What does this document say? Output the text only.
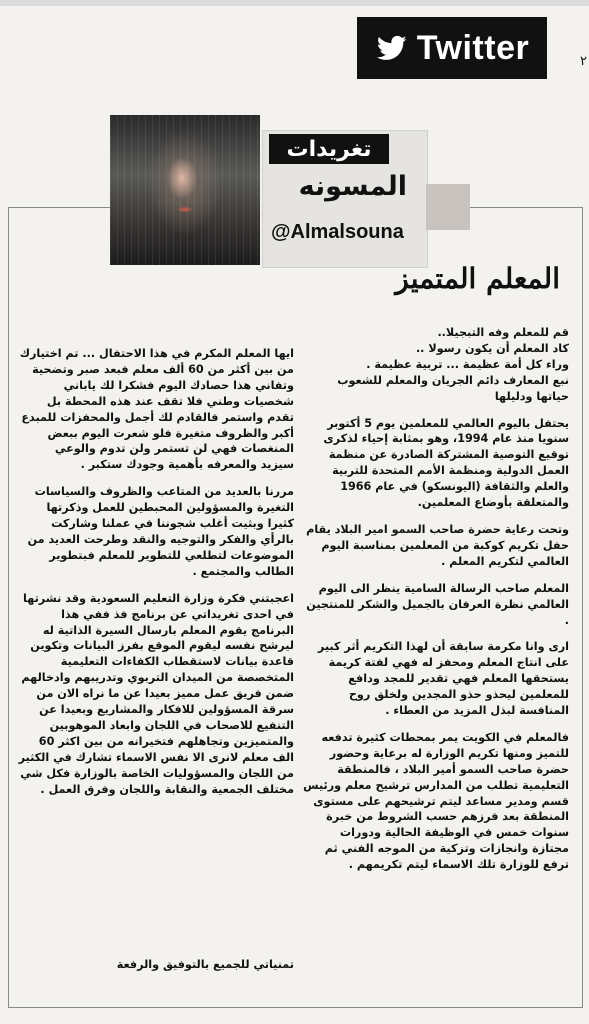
٢
Twitter
تغريدات
المسونه
@Almalsouna
المعلم المتميز

قم للمعلم وفه التبجيلا..
كاد المعلم أن يكون رسولا ..
وراء كل أمة عظيمة ... تربية عظيمة .
نبع المعارف دائم الجريان والمعلم للشعوب حياتها ودليلها

يحتفل باليوم العالمي للمعلمين يوم 5 أكتوبر سنويا منذ عام 1994، وهو بمثابة إحياء لذكرى توقيع التوصية المشتركة الصادرة عن منظمة العمل الدولية ومنظمة الأمم المتحدة للتربية والعلم والثقافة (اليونسكو) في عام 1966 والمتعلقة بأوضاع المعلمين.

وتحت رعاية حضرة صاحب السمو امير البلاد يقام حفل تكريم كوكبة من المعلمين بمناسبة اليوم العالمي لتكريم المعلم .

المعلم صاحب الرسالة السامية ينظر الى اليوم العالمي نظرة العرفان بالجميل والشكر للمنتجين .

ارى وانا مكرمة سابقة أن لهذا التكريم أثر كبير على انتاج المعلم ومحفز له فهي لفتة كريمة يستحقها المعلم فهي تقدير للمجد ودافع للمعلمين ليحذو حذو المجدين ولخلق روح المنافسة لبذل المزيد من العطاء .

فالمعلم في الكويت يمر بمحطات كثيرة تدفعه للتميز ومنها تكريم الوزارة له برعاية وحضور حضرة صاحب السمو أمير البلاد ، فالمنطقة التعليمية تطلب من المدارس ترشيح معلم ورئيس قسم ومدير مساعد ليتم ترشيحهم على مستوى المنطقة بعد فرزهم حسب الشروط من خبرة سنوات خمس في الوظيفة الحالية ودورات مجتازة وانجازات وتزكية من الموجه الفني ثم ترفع للوزارة تلك الاسماء ليتم تكريمهم .

ايها المعلم المكرم في هذا الاحتفال ... تم اختيارك من بين أكثر من 60 ألف معلم فبعد صبر وتضحية وتفاني هذا حصادك اليوم فشكرا لك ياباني شخصيات وطني فلا تقف عند هذه المحطة بل تقدم واستمر فالقادم لك أجمل والمحفزات للمبدع أكبر والظروف متغيرة فلو شعرت اليوم ببعض المنغصات فهي لن تستمر ولن تدوم والوعي سيزيد والمعرفه بأهمية وجودك ستكبر .

مررنا بالعديد من المتاعب والظروف والسياسات التغيرة والمسؤولين المحبطين للعمل وذكرتها كثيرا وبثيت أغلب شجوننا في عملنا وشاركت بالرأي والفكر والتوجيه والنقد وطرحت العديد من الموضوعات لتطلعي للتطوير للمعلم فبتطوير الطالب والمجتمع .

اعجبتني فكرة وزارة التعليم السعودية وقد نشرتها في احدى تغريداتي عن برنامج فذ ففي هذا البرنامج يقوم المعلم بارسال السيرة الذاتية له ليرشح نفسه ليقوم الموقع بفرز البيانات وتكوين قاعدة بيانات لاستقطاب الكفاءات التعليمية المتخصصة من الميدان التربوي وتدريبهم وادخالهم ضمن فريق عمل مميز بعيدا عن ما نراه الان من سرقة المسؤولين للافكار والمشاريع وبعيدا عن التنفيع للاصحاب في اللجان وابعاد الموهوبين والمتميزين وتجاهلهم فتخيرانه من بين اكثر 60 الف معلم لانرى الا نفس الاسماء تشارك في الكثير من اللجان والمسؤوليات الخاصة بالوزارة فكل شي مختلف الجمعية والنقابة واللجان وفرق العمل .

تمنياتي للجميع بالتوفيق والرفعة
